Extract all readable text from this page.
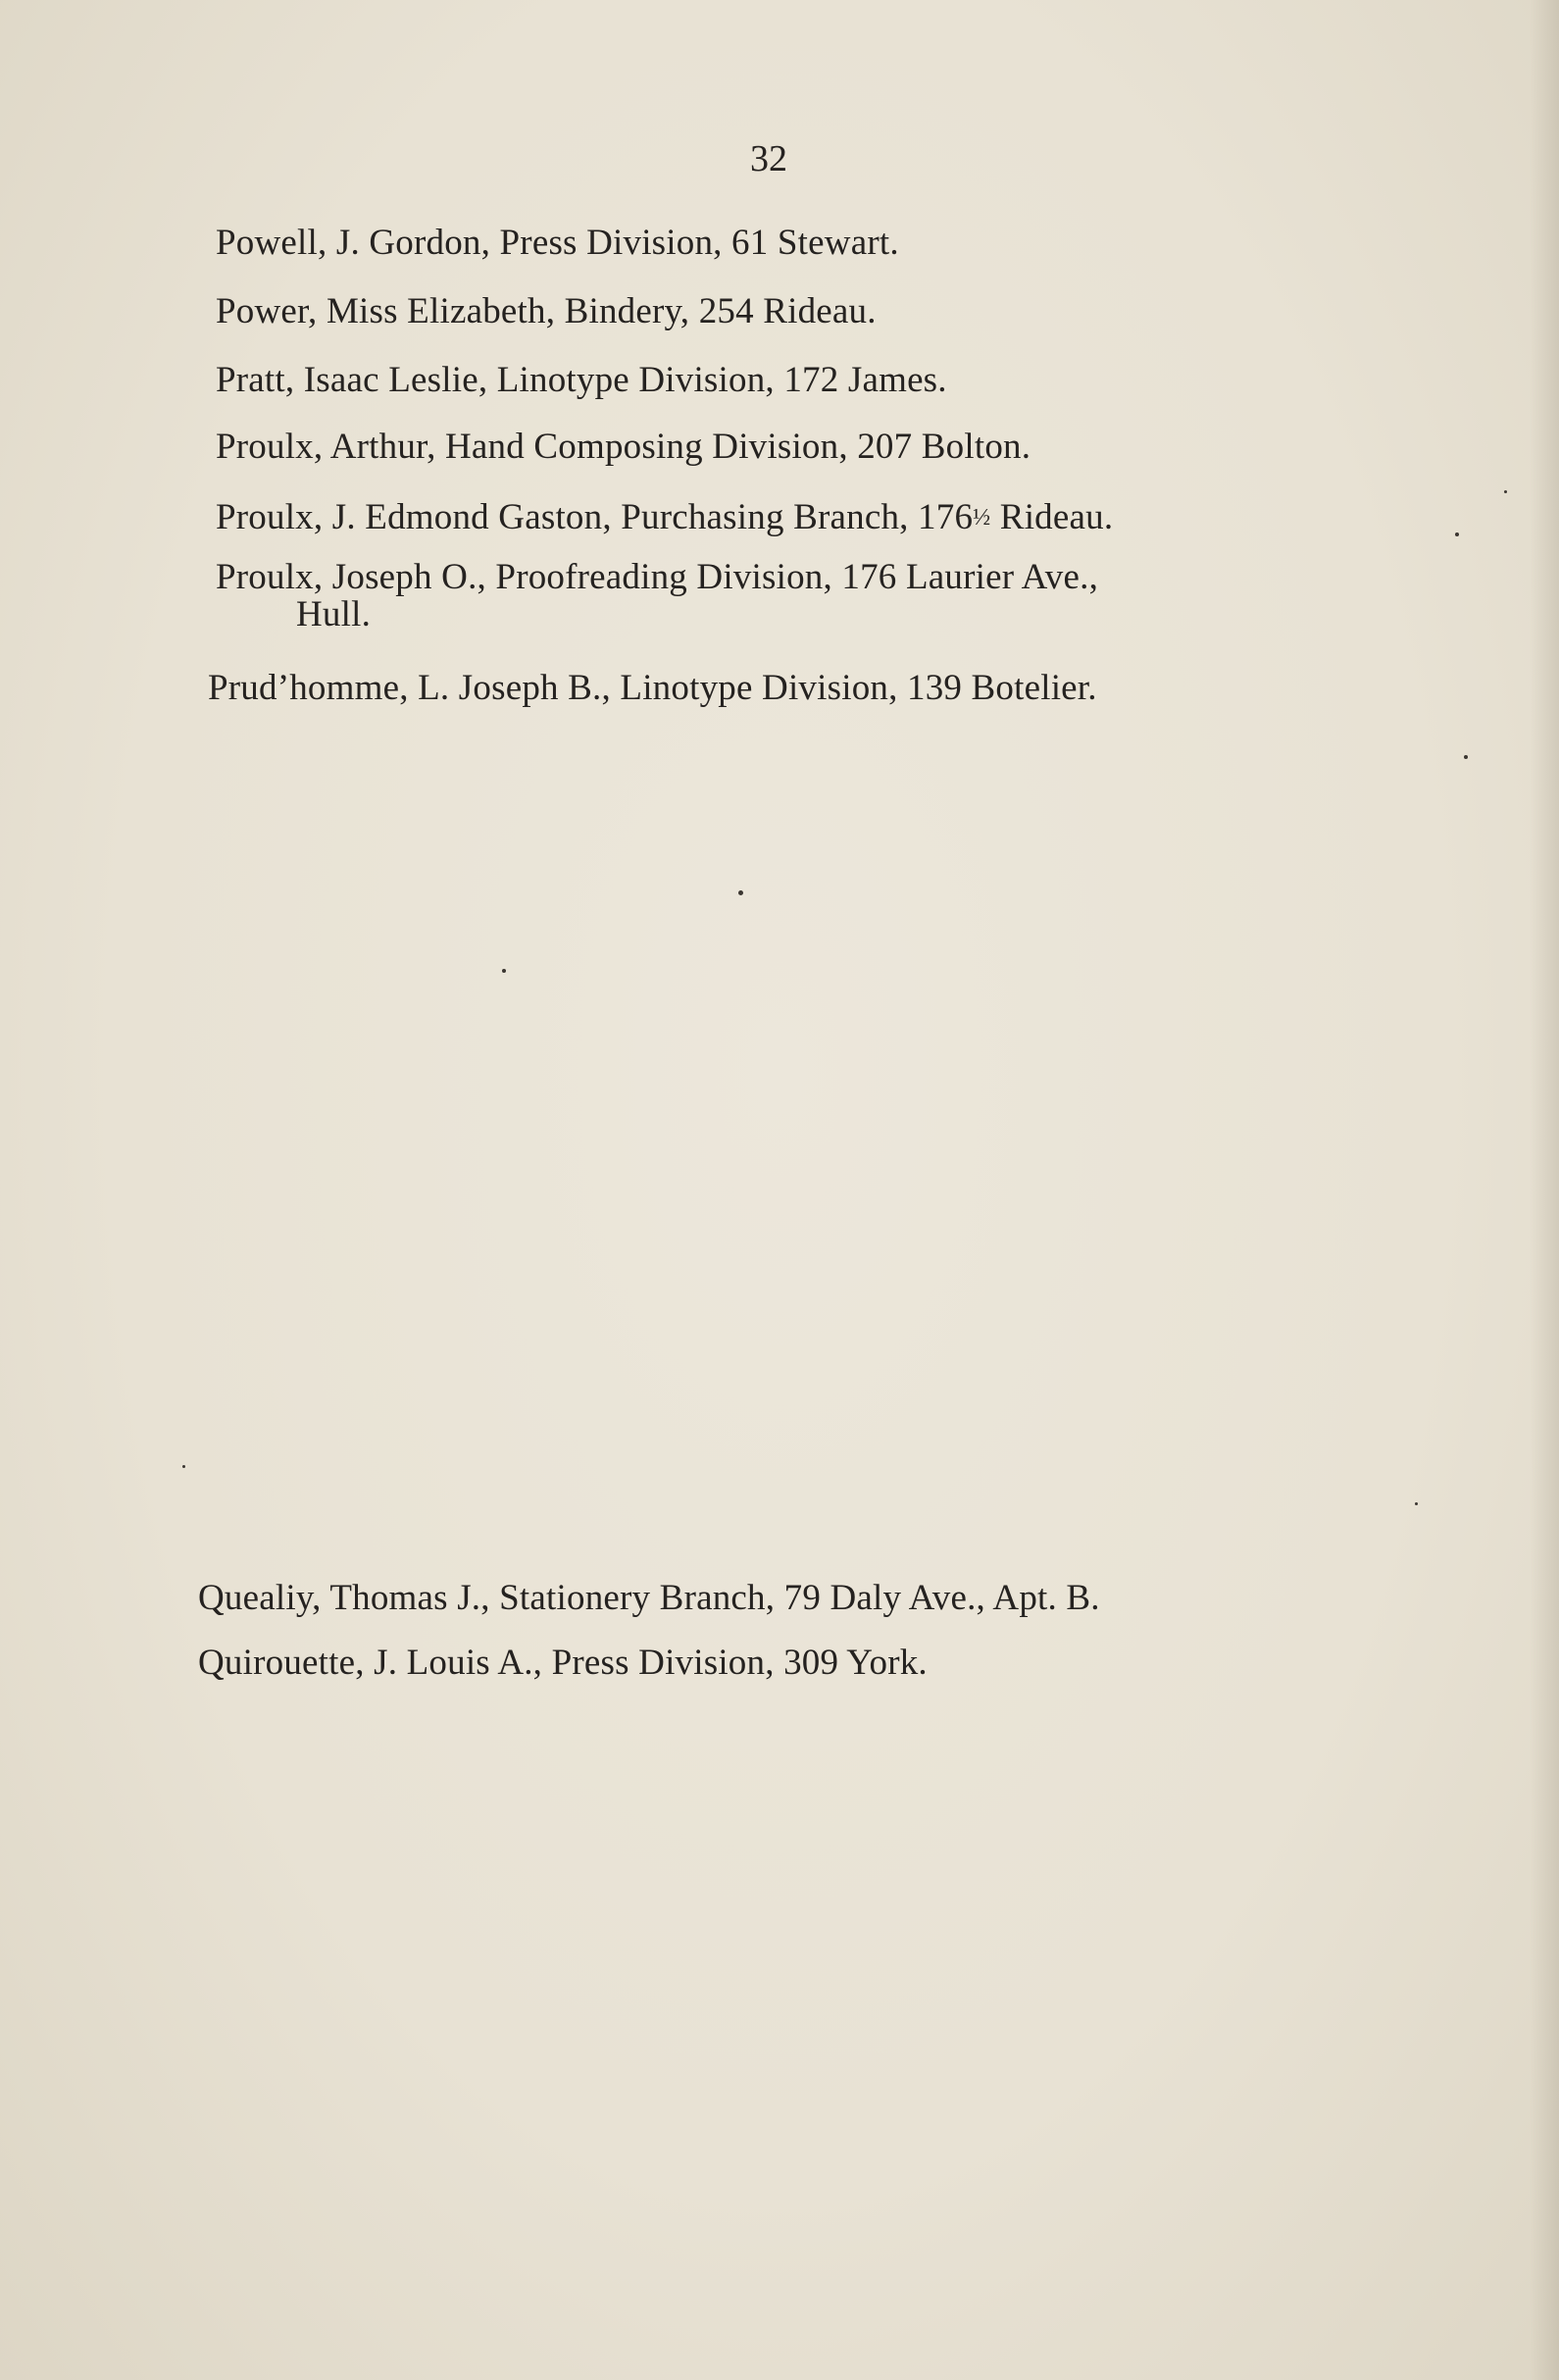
32
Powell, J. Gordon, Press Division, 61 Stewart.
Power, Miss Elizabeth, Bindery, 254 Rideau.
Pratt, Isaac Leslie, Linotype Division, 172 James.
Proulx, Arthur, Hand Composing Division, 207 Bolton.
Proulx, J. Edmond Gaston, Purchasing Branch, 176½ Rideau.
Proulx, Joseph O., Proofreading Division, 176 Laurier Ave.,
Hull.
Prud’homme, L. Joseph B., Linotype Division, 139 Botelier.
Quealiy, Thomas J., Stationery Branch, 79 Daly Ave., Apt. B.
Quirouette, J. Louis A., Press Division, 309 York.
